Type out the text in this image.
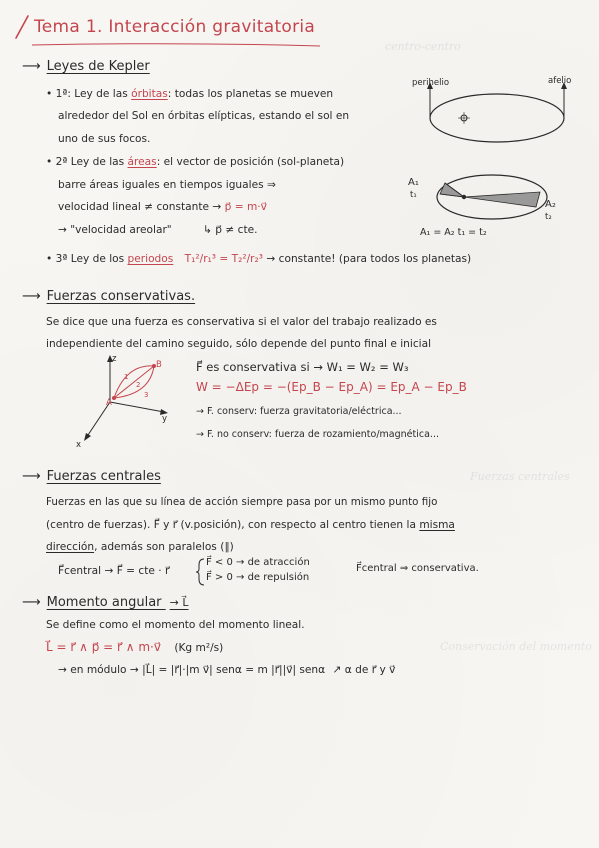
centro-centro
Fuerzas centrales
Conservación del momento
Tema 1. Interacción gravitatoria
⟶ Leyes de Kepler
• 1ª: Ley de las órbitas: todas los planetas se mueven
alrededor del Sol en órbitas elípticas, estando el sol en
uno de sus focos.
• 2ª Ley de las áreas: el vector de posición (sol-planeta)
barre áreas iguales en tiempos iguales ⇒
velocidad lineal ≠ constante → p⃗ = m·v⃗
→ "velocidad areolar"	↳ p⃗ ≠ cte.
• 3ª Ley de los periodos T₁²/r₁³ = T₂²/r₂³ → constante! (para todos los planetas)
perihelio	afelio
A₁
t₁
A₂
t₂
A₁ = A₂ t₁ = t₂
⟶ Fuerzas conservativas.
Se dice que una fuerza es conservativa si el valor del trabajo realizado es
independiente del camino seguido, sólo depende del punto final e inicial
z
y
x
A
B
1
2
3
F⃗ es conservativa si → W₁ = W₂ = W₃
W = −ΔEp = −(Ep_B − Ep_A) = Ep_A − Ep_B
→ F. conserv: fuerza gravitatoria/eléctrica...
→ F. no conserv: fuerza de rozamiento/magnética...
⟶ Fuerzas centrales
Fuerzas en las que su línea de acción siempre pasa por un mismo punto fijo
(centro de fuerzas). F⃗ y r⃗ (v.posición), con respecto al centro tienen la misma
dirección, además son paralelos (∥)
F⃗central → F⃗ = cte · r⃗
F⃗ < 0 → de atracción
F⃗ > 0 → de repulsión
F⃗central ⇒ conservativa.
⟶ Momento angular → L⃗
Se define como el momento del momento lineal.
L⃗ = r⃗ ∧ p⃗ = r⃗ ∧ m·v⃗ (Kg m²/s)
→ en módulo → |L⃗| = |r⃗|·|m v⃗| senα = m |r⃗||v⃗| senα ↗ α de r⃗ y v⃗
